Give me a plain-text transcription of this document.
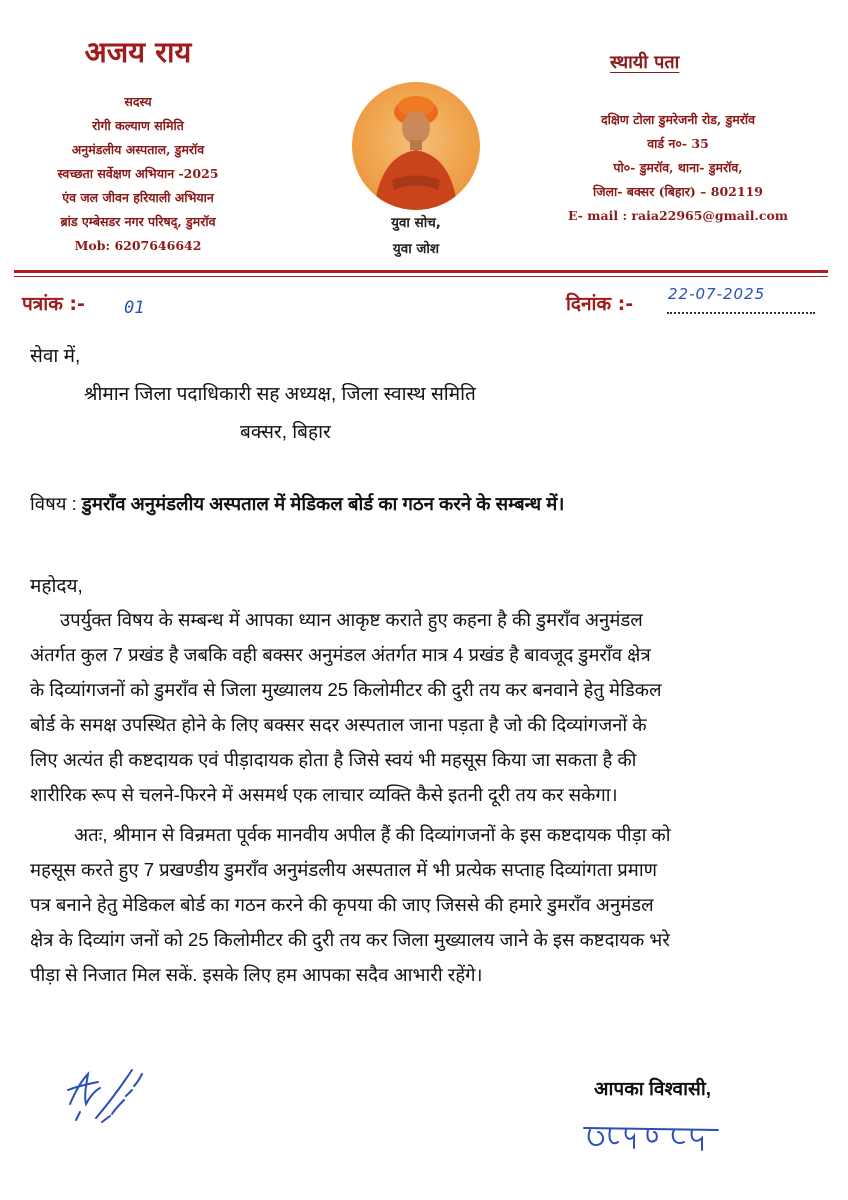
अजय राय
सदस्य
रोगी कल्याण समिति
अनुमंडलीय अस्पताल, डुमरॉव
स्वच्छता सर्वेक्षण अभियान -2025
एंव जल जीवन हरियाली अभियान
ब्रांड एम्बेसडर नगर परिषद्, डुमरॉव
Mob: 6207646642
युवा सोच,
युवा जोश
स्थायी पता
दक्षिण टोला डुमरेजनी रोड, डुमरॉव
वार्ड न०- 35
पो०- डुमरॉव, थाना- डुमरॉव,
जिला- बक्सर (बिहार) – 802119
E- mail : raia22965@gmail.com
पत्रांक :- 01	दिनांक :- 22-07-2025
सेवा में,
श्रीमान जिला पदाधिकारी सह अध्यक्ष, जिला स्वास्थ समिति
बक्सर, बिहार
विषय : डुमराँव अनुमंडलीय अस्पताल में मेडिकल बोर्ड का गठन करने के सम्बन्ध में।
महोदय,
उपर्युक्त विषय के सम्बन्ध में आपका ध्यान आकृष्ट कराते हुए कहना है की डुमराँव अनुमंडल
अंतर्गत कुल 7 प्रखंड है जबकि वही बक्सर अनुमंडल अंतर्गत मात्र 4 प्रखंड है बावजूद डुमराँव क्षेत्र
के दिव्यांगजनों को डुमराँव से जिला मुख्यालय 25 किलोमीटर की दुरी तय कर बनवाने हेतु मेडिकल
बोर्ड के समक्ष उपस्थित होने के लिए बक्सर सदर अस्पताल जाना पड़ता है जो की दिव्यांगजनों के
लिए अत्यंत ही कष्टदायक एवं पीड़ादायक होता है जिसे स्वयं भी महसूस किया जा सकता है की
शारीरिक रूप से चलने-फिरने में असमर्थ एक लाचार व्यक्ति कैसे इतनी दूरी तय कर सकेगा।
अतः, श्रीमान से विन्रमता पूर्वक मानवीय अपील हैं की दिव्यांगजनों के इस कष्टदायक पीड़ा को
महसूस करते हुए 7 प्रखण्डीय डुमराँव अनुमंडलीय अस्पताल में भी प्रत्येक सप्ताह दिव्यांगता प्रमाण
पत्र बनाने हेतु मेडिकल बोर्ड का गठन करने की कृपया की जाए जिससे की हमारे डुमराँव अनुमंडल
क्षेत्र के दिव्यांग जनों को 25 किलोमीटर की दुरी तय कर जिला मुख्यालय जाने के इस कष्टदायक भरे
पीड़ा से निजात मिल सकें. इसके लिए हम आपका सदैव आभारी रहेंगे।
आपका विश्वासी,
